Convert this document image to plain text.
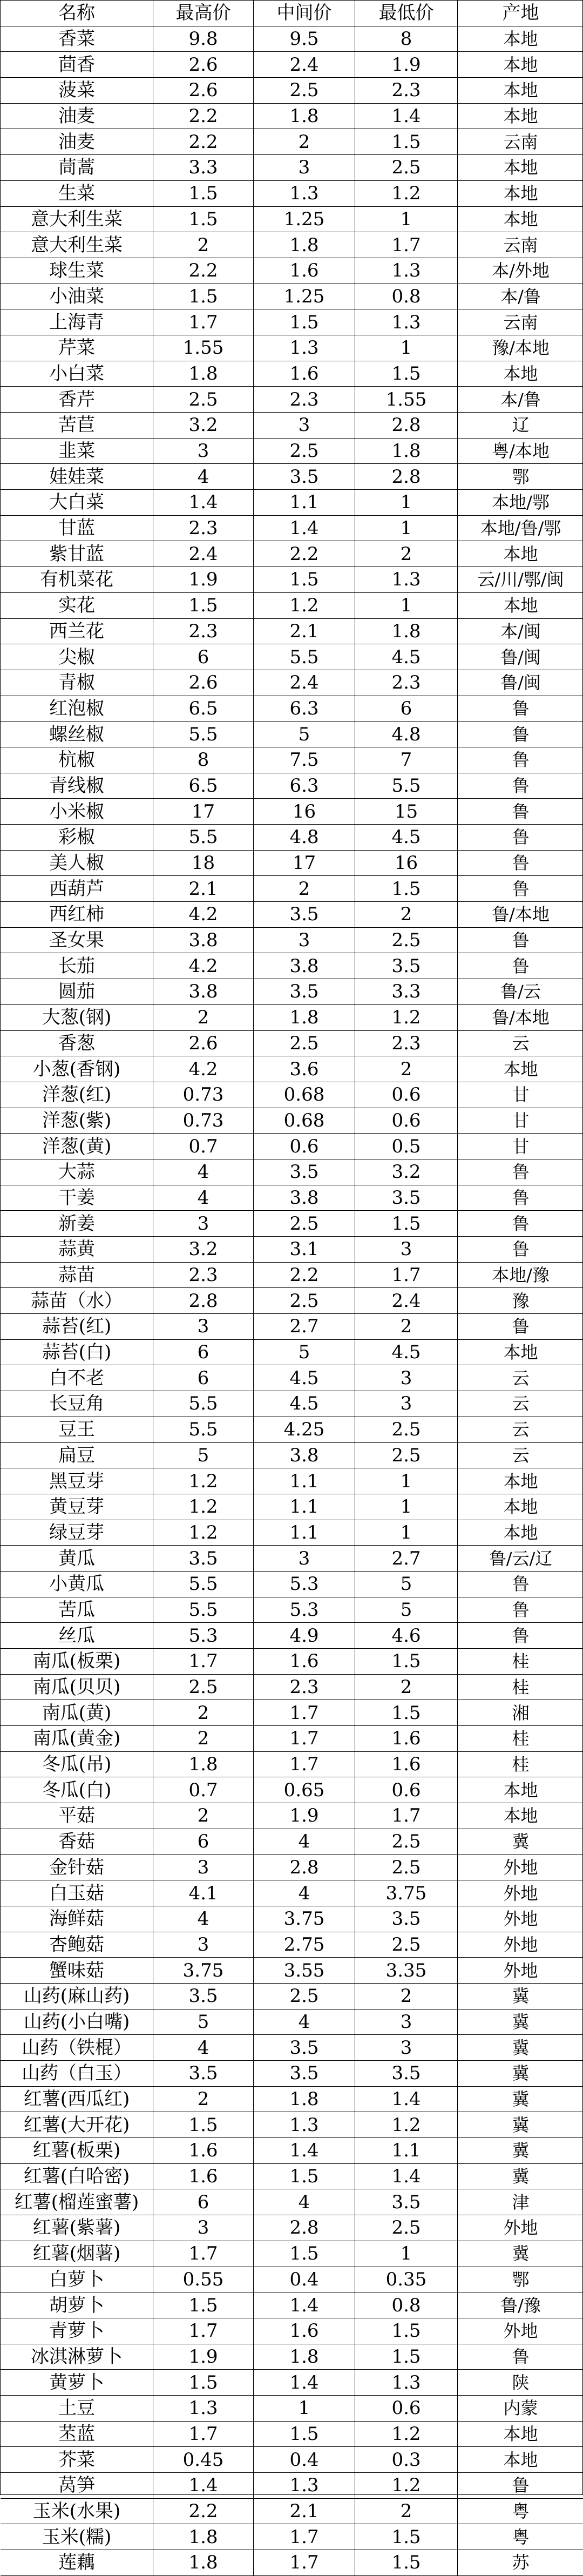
名称	最高价	中间价	最低价	产地
香菜	9.8	9.5	8	本地
茴香	2.6	2.4	1.9	本地
菠菜	2.6	2.5	2.3	本地
油麦	2.2	1.8	1.4	本地
油麦	2.2	2	1.5	云南
茼蒿	3.3	3	2.5	本地
生菜	1.5	1.3	1.2	本地
意大利生菜	1.5	1.25	1	本地
意大利生菜	2	1.8	1.7	云南
球生菜	2.2	1.6	1.3	本/外地
小油菜	1.5	1.25	0.8	本/鲁
上海青	1.7	1.5	1.3	云南
芹菜	1.55	1.3	1	豫/本地
小白菜	1.8	1.6	1.5	本地
香芹	2.5	2.3	1.55	本/鲁
苦苣	3.2	3	2.8	辽
韭菜	3	2.5	1.8	粤/本地
娃娃菜	4	3.5	2.8	鄂
大白菜	1.4	1.1	1	本地/鄂
甘蓝	2.3	1.4	1	本地/鲁/鄂
紫甘蓝	2.4	2.2	2	本地
有机菜花	1.9	1.5	1.3	云/川/鄂/闽
实花	1.5	1.2	1	本地
西兰花	2.3	2.1	1.8	本/闽
尖椒	6	5.5	4.5	鲁/闽
青椒	2.6	2.4	2.3	鲁/闽
红泡椒	6.5	6.3	6	鲁
螺丝椒	5.5	5	4.8	鲁
杭椒	8	7.5	7	鲁
青线椒	6.5	6.3	5.5	鲁
小米椒	17	16	15	鲁
彩椒	5.5	4.8	4.5	鲁
美人椒	18	17	16	鲁
西葫芦	2.1	2	1.5	鲁
西红柿	4.2	3.5	2	鲁/本地
圣女果	3.8	3	2.5	鲁
长茄	4.2	3.8	3.5	鲁
圆茄	3.8	3.5	3.3	鲁/云
大葱(钢)	2	1.8	1.2	鲁/本地
香葱	2.6	2.5	2.3	云
小葱(香钢)	4.2	3.6	2	本地
洋葱(红)	0.73	0.68	0.6	甘
洋葱(紫)	0.73	0.68	0.6	甘
洋葱(黄)	0.7	0.6	0.5	甘
大蒜	4	3.5	3.2	鲁
干姜	4	3.8	3.5	鲁
新姜	3	2.5	1.5	鲁
蒜黄	3.2	3.1	3	鲁
蒜苗	2.3	2.2	1.7	本地/豫
蒜苗（水）	2.8	2.5	2.4	豫
蒜苔(红)	3	2.7	2	鲁
蒜苔(白)	6	5	4.5	本地
白不老	6	4.5	3	云
长豆角	5.5	4.5	3	云
豆王	5.5	4.25	2.5	云
扁豆	5	3.8	2.5	云
黑豆芽	1.2	1.1	1	本地
黄豆芽	1.2	1.1	1	本地
绿豆芽	1.2	1.1	1	本地
黄瓜	3.5	3	2.7	鲁/云/辽
小黄瓜	5.5	5.3	5	鲁
苦瓜	5.5	5.3	5	鲁
丝瓜	5.3	4.9	4.6	鲁
南瓜(板栗)	1.7	1.6	1.5	桂
南瓜(贝贝)	2.5	2.3	2	桂
南瓜(黄)	2	1.7	1.5	湘
南瓜(黄金)	2	1.7	1.6	桂
冬瓜(吊)	1.8	1.7	1.6	桂
冬瓜(白)	0.7	0.65	0.6	本地
平菇	2	1.9	1.7	本地
香菇	6	4	2.5	冀
金针菇	3	2.8	2.5	外地
白玉菇	4.1	4	3.75	外地
海鲜菇	4	3.75	3.5	外地
杏鲍菇	3	2.75	2.5	外地
蟹味菇	3.75	3.55	3.35	外地
山药(麻山药)	3.5	2.5	2	冀
山药(小白嘴)	5	4	3	冀
山药（铁棍）	4	3.5	3	冀
山药（白玉）	3.5	3.5	3.5	冀
红薯(西瓜红)	2	1.8	1.4	冀
红薯(大开花)	1.5	1.3	1.2	冀
红薯(板栗)	1.6	1.4	1.1	冀
红薯(白哈密)	1.6	1.5	1.4	冀
红薯(榴莲蜜薯)	6	4	3.5	津
红薯(紫薯)	3	2.8	2.5	外地
红薯(烟薯)	1.7	1.5	1	冀
白萝卜	0.55	0.4	0.35	鄂
胡萝卜	1.5	1.4	0.8	鲁/豫
青萝卜	1.7	1.6	1.5	外地
冰淇淋萝卜	1.9	1.8	1.5	鲁
黄萝卜	1.5	1.4	1.3	陕
土豆	1.3	1	0.6	内蒙
苤蓝	1.7	1.5	1.2	本地
芥菜	0.45	0.4	0.3	本地
莴笋	1.4	1.3	1.2	鲁
玉米(水果)	2.2	2.1	2	粤
玉米(糯)	1.8	1.7	1.5	粤
莲藕	1.8	1.7	1.5	苏
